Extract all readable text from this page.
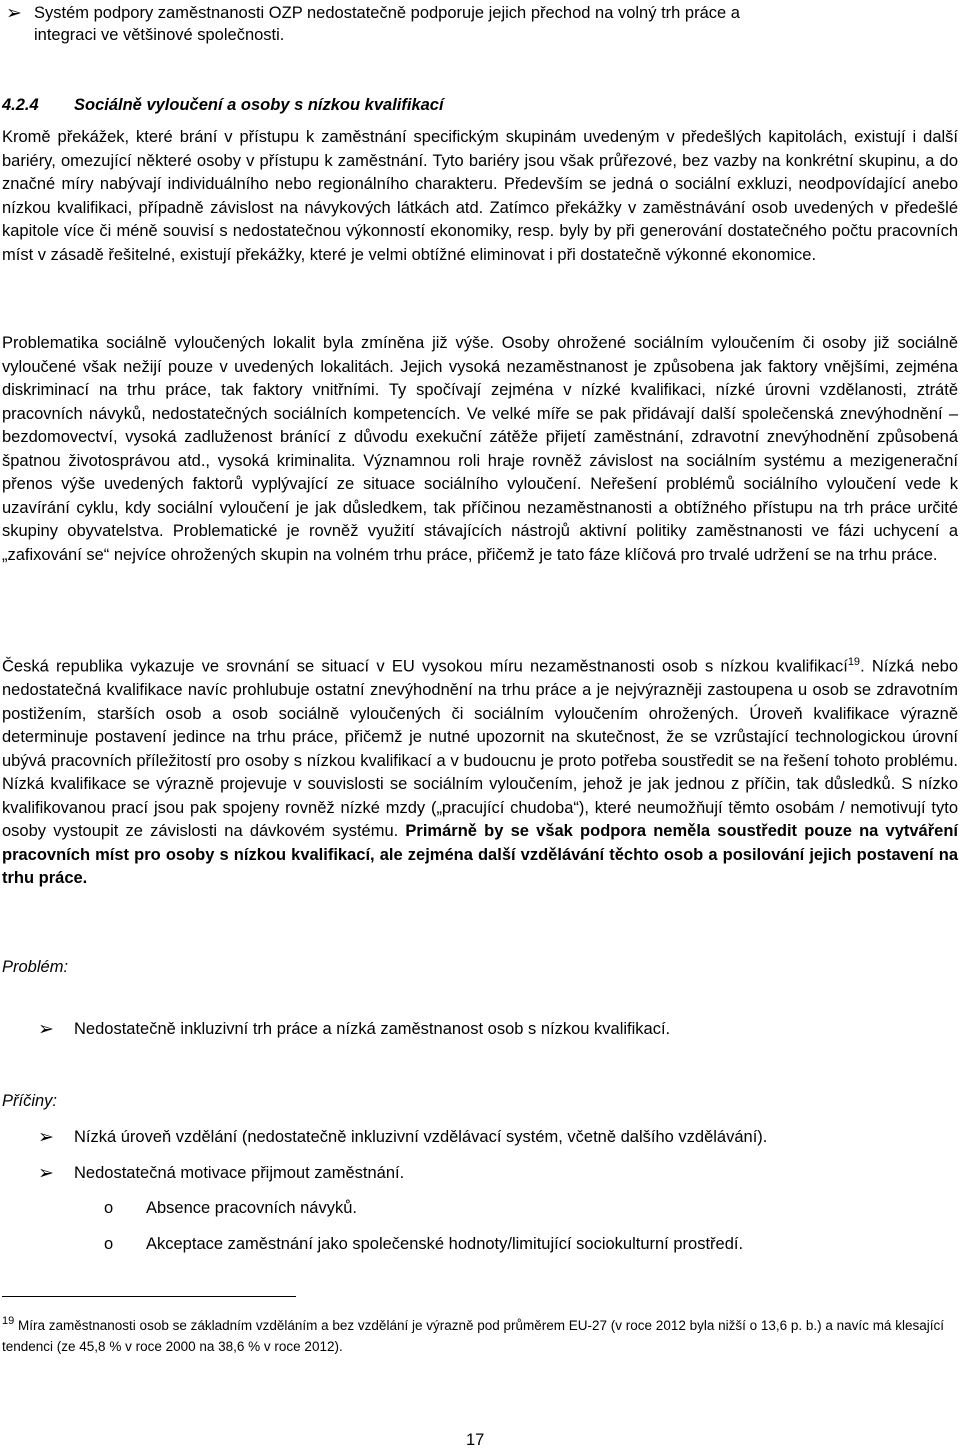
➢ Systém podpory zaměstnanosti OZP nedostatečně podporuje jejich přechod na volný trh práce a
integraci ve většinové společnosti.
4.2.4 Sociálně vyloučení a osoby s nízkou kvalifikací
Kromě překážek, které brání v přístupu k zaměstnání specifickým skupinám uvedeným v předešlých kapitolách, existují i další bariéry, omezující některé osoby v přístupu k zaměstnání. Tyto bariéry jsou však průřezové, bez vazby na konkrétní skupinu, a do značné míry nabývají individuálního nebo regionálního charakteru. Především se jedná o sociální exkluzi, neodpovídající anebo nízkou kvalifikaci, případně závislost na návykových látkách atd. Zatímco překážky v zaměstnávání osob uvedených v předešlé kapitole více či méně souvisí s nedostatečnou výkonností ekonomiky, resp. byly by při generování dostatečného počtu pracovních míst v zásadě řešitelné, existují překážky, které je velmi obtížné eliminovat i při dostatečně výkonné ekonomice.
Problematika sociálně vyloučených lokalit byla zmíněna již výše. Osoby ohrožené sociálním vyloučením či osoby již sociálně vyloučené však nežijí pouze v uvedených lokalitách. Jejich vysoká nezaměstnanost je způsobena jak faktory vnějšími, zejména diskriminací na trhu práce, tak faktory vnitřními. Ty spočívají zejména v nízké kvalifikaci, nízké úrovni vzdělanosti, ztrátě pracovních návyků, nedostatečných sociálních kompetencích. Ve velké míře se pak přidávají další společenská znevýhodnění – bezdomovectví, vysoká zadluženost bránící z důvodu exekuční zátěže přijetí zaměstnání, zdravotní znevýhodnění způsobená špatnou životosprávou atd., vysoká kriminalita. Významnou roli hraje rovněž závislost na sociálním systému a mezigenerační přenos výše uvedených faktorů vyplývající ze situace sociálního vyloučení. Neřešení problémů sociálního vyloučení vede k uzavírání cyklu, kdy sociální vyloučení je jak důsledkem, tak příčinou nezaměstnanosti a obtížného přístupu na trh práce určité skupiny obyvatelstva. Problematické je rovněž využití stávajících nástrojů aktivní politiky zaměstnanosti ve fázi uchycení a „zafixování se“ nejvíce ohrožených skupin na volném trhu práce, přičemž je tato fáze klíčová pro trvalé udržení se na trhu práce.
Česká republika vykazuje ve srovnání se situací v EU vysokou míru nezaměstnanosti osob s nízkou kvalifikací$^{19}$. Nízká nebo nedostatečná kvalifikace navíc prohlubuje ostatní znevýhodnění na trhu práce a je nejvýrazněji zastoupena u osob se zdravotním postižením, starších osob a osob sociálně vyloučených či sociálním vyloučením ohrožených. Úroveň kvalifikace výrazně determinuje postavení jedince na trhu práce, přičemž je nutné upozornit na skutečnost, že se vzrůstající technologickou úrovní ubývá pracovních příležitostí pro osoby s nízkou kvalifikací a v budoucnu je proto potřeba soustředit se na řešení tohoto problému. Nízká kvalifikace se výrazně projevuje v souvislosti se sociálním vyloučením, jehož je jak jednou z příčin, tak důsledků. S nízko kvalifikovanou prací jsou pak spojeny rovněž nízké mzdy („pracující chudoba“), které neumožňují těmto osobám / nemotivují tyto osoby vystoupit ze závislosti na dávkovém systému. Primárně by se však podpora neměla soustředit pouze na vytváření pracovních míst pro osoby s nízkou kvalifikací, ale zejména další vzdělávání těchto osob a posilování jejich postavení na trhu práce.
Problém:
➢ Nedostatečně inkluzivní trh práce a nízká zaměstnanost osob s nízkou kvalifikací.
Příčiny:
➢ Nízká úroveň vzdělání (nedostatečně inkluzivní vzdělávací systém, včetně dalšího vzdělávání).
➢ Nedostatečná motivace přijmout zaměstnání.
o Absence pracovních návyků.
o Akceptace zaměstnání jako společenské hodnoty/limitující sociokulturní prostředí.
$^{19}$ Míra zaměstnanosti osob se základním vzděláním a bez vzdělání je výrazně pod průměrem EU-27 (v roce 2012 byla nižší o 13,6 p. b.) a navíc má klesající tendenci (ze 45,8 % v roce 2000 na 38,6 % v roce 2012).
17
